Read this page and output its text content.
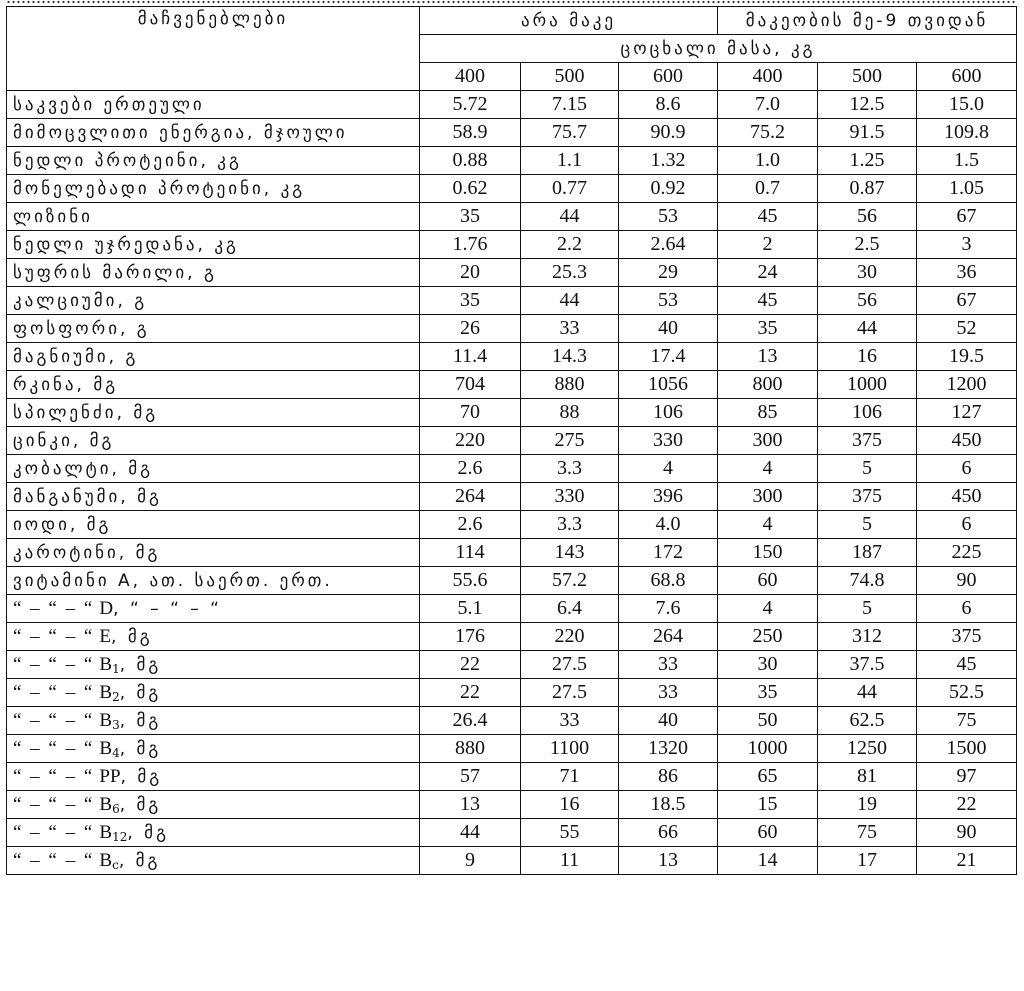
მაჩვენებლები	არა მაკე			მაკეობის მე-9 თვიდან		
	ცოცხალი მასა, კგ					
	400	500	600	400	500	600
საკვები ერთეული	5.72	7.15	8.6	7.0	12.5	15.0
მიმოცვლითი ენერგია, მჯოული	58.9	75.7	90.9	75.2	91.5	109.8
ნედლი პროტეინი, კგ	0.88	1.1	1.32	1.0	1.25	1.5
მონელებადი პროტეინი, კგ	0.62	0.77	0.92	0.7	0.87	1.05
ლიზინი	35	44	53	45	56	67
ნედლი უჯრედანა, კგ	1.76	2.2	2.64	2	2.5	3
სუფრის მარილი, გ	20	25.3	29	24	30	36
კალციუმი, გ	35	44	53	45	56	67
ფოსფორი, გ	26	33	40	35	44	52
მაგნიუმი, გ	11.4	14.3	17.4	13	16	19.5
რკინა, მგ	704	880	1056	800	1000	1200
სპილენძი, მგ	70	88	106	85	106	127
ცინკი, მგ	220	275	330	300	375	450
კობალტი, მგ	2.6	3.3	4	4	5	6
მანგანუმი, მგ	264	330	396	300	375	450
იოდი, მგ	2.6	3.3	4.0	4	5	6
კაროტინი, მგ	114	143	172	150	187	225
ვიტამინი A, ათ. საერთ. ერთ.	55.6	57.2	68.8	60	74.8	90
“ – “ – “ D, “ – “ – “	5.1	6.4	7.6	4	5	6
“ – “ – “ E, მგ	176	220	264	250	312	375
“ – “ – “ $B_1$, მგ	22	27.5	33	30	37.5	45
“ – “ – “ $B_2$, მგ	22	27.5	33	35	44	52.5
“ – “ – “ $B_3$, მგ	26.4	33	40	50	62.5	75
“ – “ – “ $B_4$, მგ	880	1100	1320	1000	1250	1500
“ – “ – “ PP, მგ	57	71	86	65	81	97
“ – “ – “ $B_6$, მგ	13	16	18.5	15	19	22
“ – “ – “ $B_{12}$, მგ	44	55	66	60	75	90
“ – “ – “ $B_c$, მგ	9	11	13	14	17	21
